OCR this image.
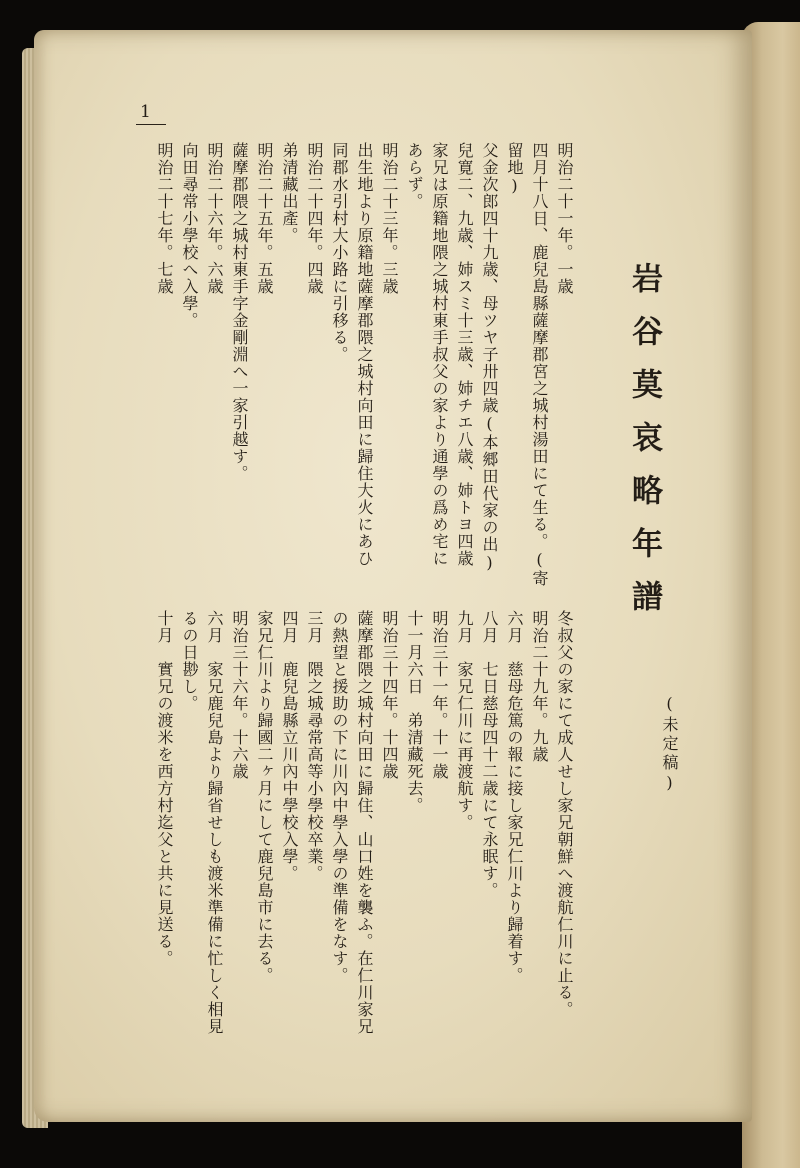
1
岩谷莫哀略年譜
(未定稿)
明治二十一年。一歳
四月十八日、鹿兒島縣薩摩郡宮之城村湯田にて生る。(寄
留地)
父金次郎四十九歳、母ツヤ子卅四歳(本郷田代家の出)
兒寛二、九歳、姉スミ十三歳、姉チエ八歳、姉トヨ四歳
家兄は原籍地隈之城村東手叔父の家より通學の爲め宅に
あらず。
明治二十三年。三歳
出生地より原籍地薩摩郡隈之城村向田に歸住大火にあひ
同郡水引村大小路に引移る。
明治二十四年。四歳
弟清藏出產。
明治二十五年。五歳
薩摩郡隈之城村東手字金剛淵へ一家引越す。
明治二十六年。六歳
向田尋常小學校へ入學。
明治二十七年。七歳
冬叔父の家にて成人せし家兄朝鮮へ渡航仁川に止る。
明治二十九年。九歳
六月　慈母危篤の報に接し家兄仁川より歸着す。
八月　七日慈母四十二歳にて永眠す。
九月　家兄仁川に再渡航す。
明治三十一年。十一歳
十一月六日　弟清藏死去。
明治三十四年。十四歳
薩摩郡隈之城村向田に歸住、山口姓を襲ふ。在仁川家兄
の熱望と援助の下に川內中學入學の準備をなす。
三月　隈之城尋常高等小學校卒業。
四月　鹿兒島縣立川內中學校入學。
家兄仁川より歸國二ヶ月にして鹿兒島市に去る。
明治三十六年。十六歳
六月　家兄鹿兒島より歸省せしも渡米準備に忙しく相見
るの日尠し。
十月　實兄の渡米を西方村迄父と共に見送る。
